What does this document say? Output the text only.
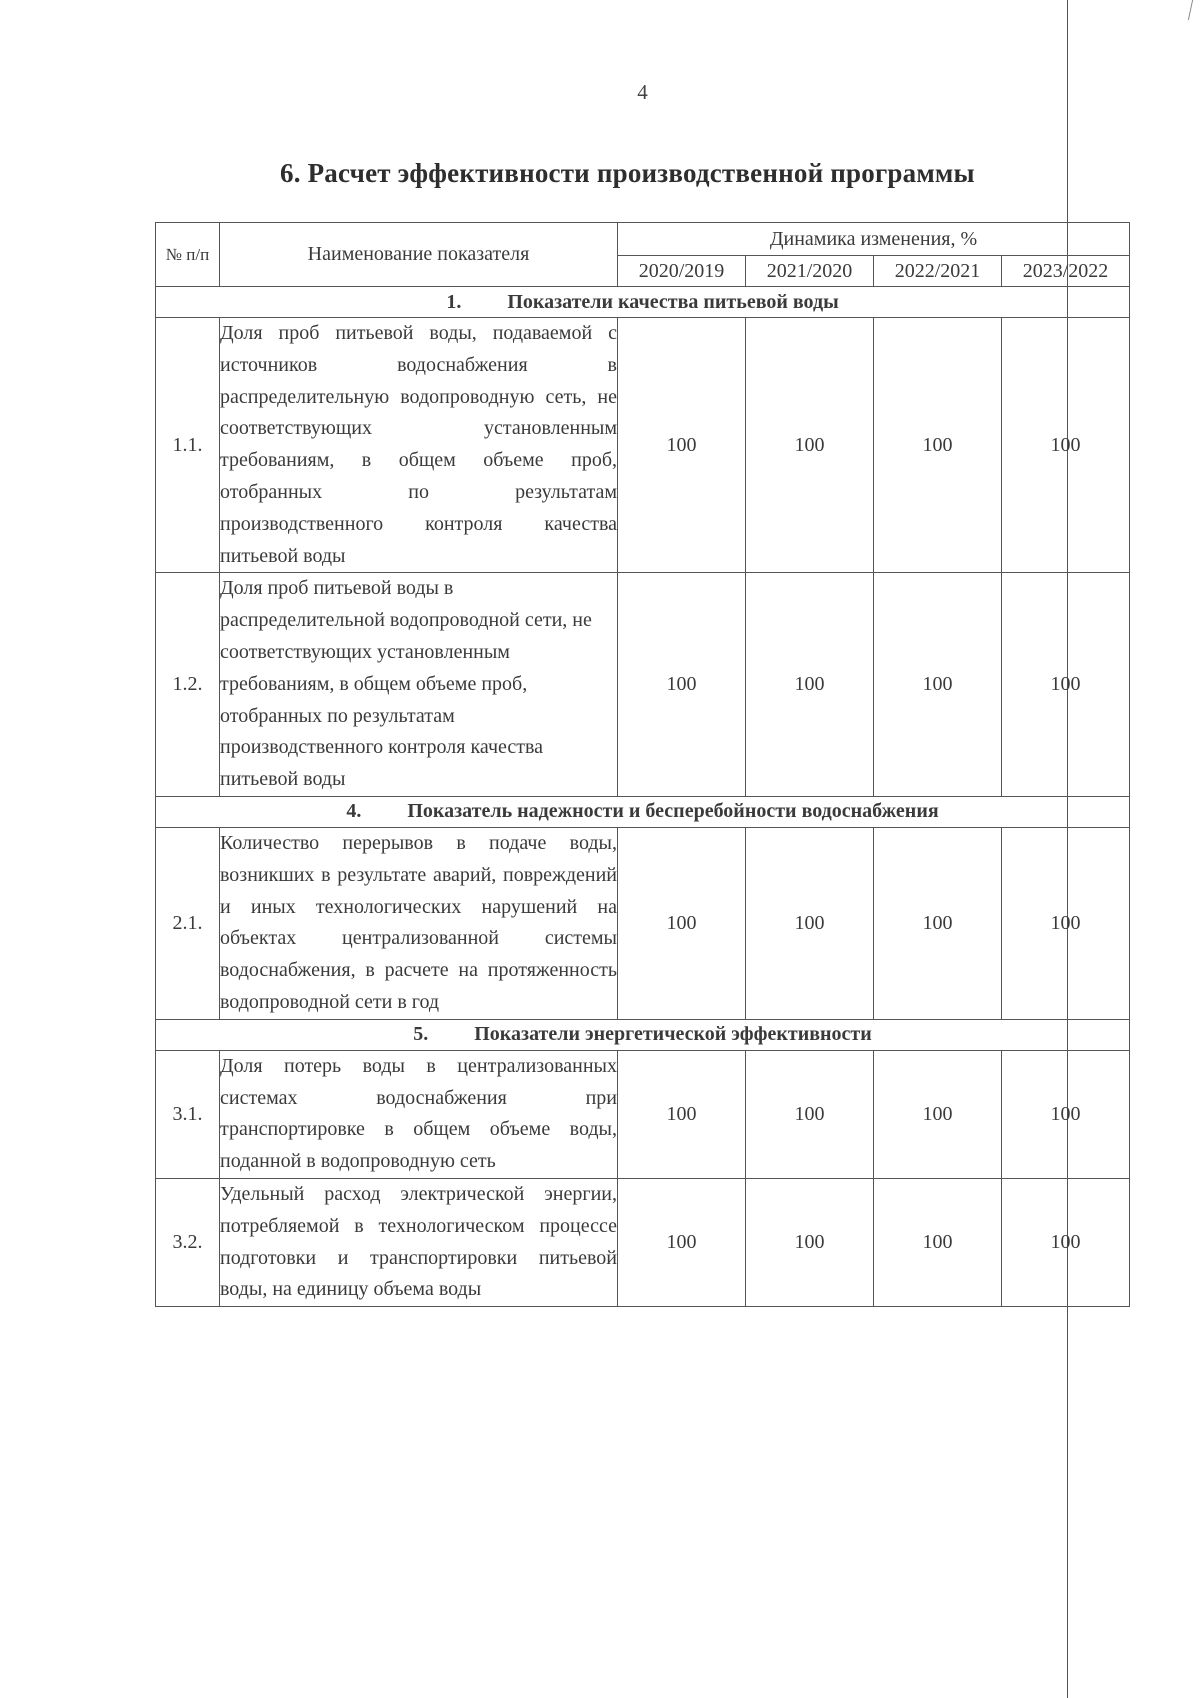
4
6. Расчет эффективности производственной программы
№ п/п	Наименование показателя	Динамика изменения, %			
		2020/2019	2021/2020	2022/2021	2023/2022
1. Показатели качества питьевой воды					
1.1.	Доля проб питьевой воды, подаваемой с источников водоснабжения в распределительную водопроводную сеть, не соответствующих установленным требованиям, в общем объеме проб, отобранных по результатам производственного контроля качества питьевой воды	100	100	100	100
1.2.	Доля проб питьевой воды в распределительной водопроводной сети, не соответствующих установленным требованиям, в общем объеме проб, отобранных по результатам производственного контроля качества питьевой воды	100	100	100	100
4. Показатель надежности и бесперебойности водоснабжения					
2.1.	Количество перерывов в подаче воды, возникших в результате аварий, повреждений и иных технологических нарушений на объектах централизованной системы водоснабжения, в расчете на протяженность водопроводной сети в год	100	100	100	100
5. Показатели энергетической эффективности					
3.1.	Доля потерь воды в централизованных системах водоснабжения при транспортировке в общем объеме воды, поданной в водопроводную сеть	100	100	100	100
3.2.	Удельный расход электрической энергии, потребляемой в технологическом процессе подготовки и транспортировки питьевой воды, на единицу объема воды	100	100	100	100
